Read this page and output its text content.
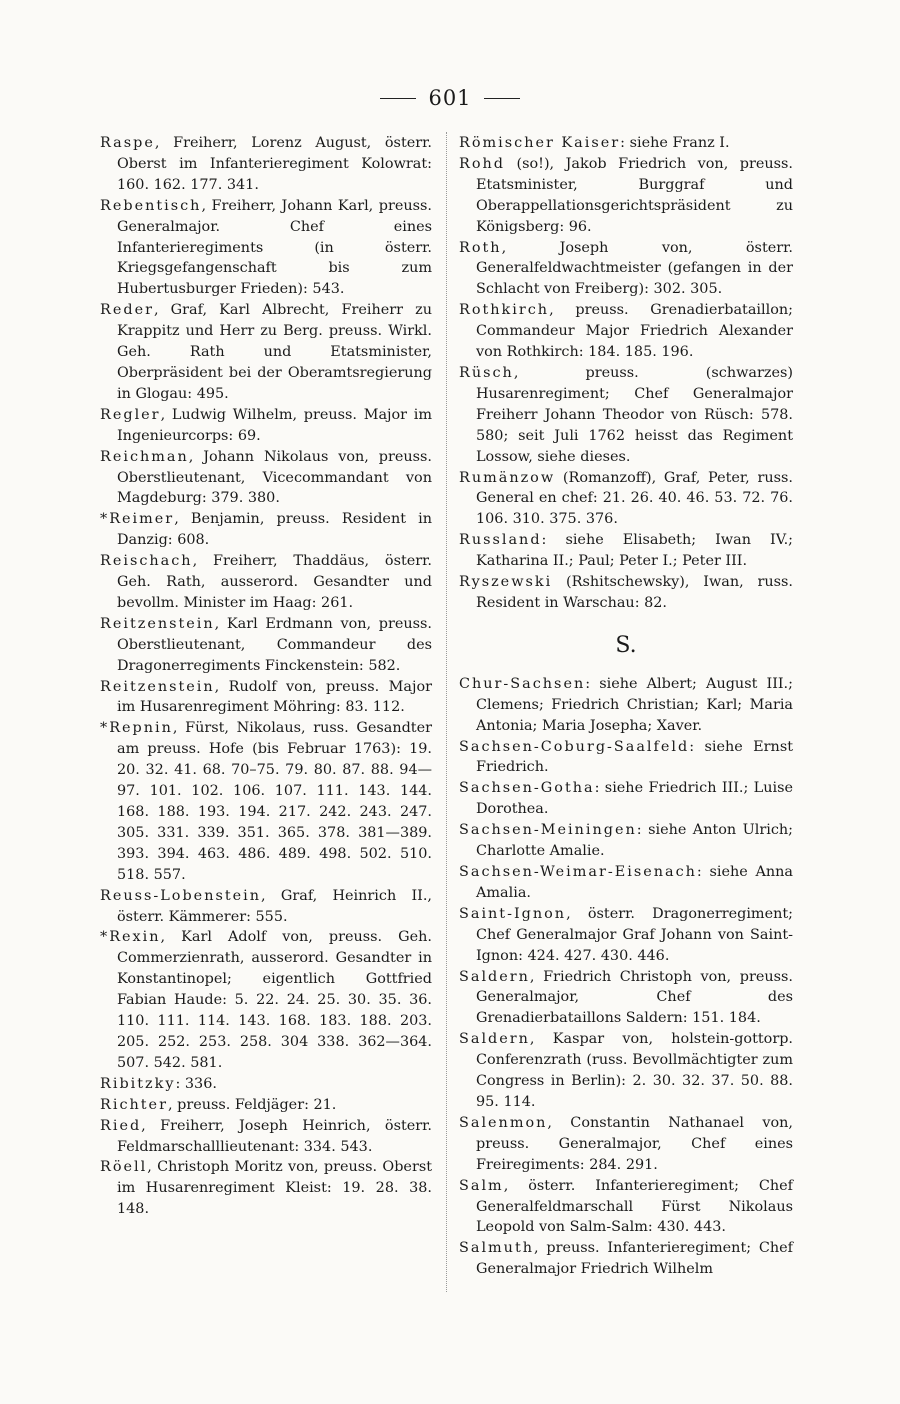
601

Raspe, Freiherr, Lorenz August, österr. Oberst im Infanterieregiment Kolowrat: 160. 162. 177. 341.

Rebentisch, Freiherr, Johann Karl, preuss. Generalmajor. Chef eines Infanterieregiments (in österr. Kriegsgefangenschaft bis zum Hubertusburger Frieden): 543.

Reder, Graf, Karl Albrecht, Freiherr zu Krappitz und Herr zu Berg. preuss. Wirkl. Geh. Rath und Etatsminister, Oberpräsident bei der Oberamtsregierung in Glogau: 495.

Regler, Ludwig Wilhelm, preuss. Major im Ingenieurcorps: 69.

Reichman, Johann Nikolaus von, preuss. Oberstlieutenant, Vicecommandant von Magdeburg: 379. 380.

*Reimer, Benjamin, preuss. Resident in Danzig: 608.

Reischach, Freiherr, Thaddäus, österr. Geh. Rath, ausserord. Gesandter und bevollm. Minister im Haag: 261.

Reitzenstein, Karl Erdmann von, preuss. Oberstlieutenant, Commandeur des Dragonerregiments Finckenstein: 582.

Reitzenstein, Rudolf von, preuss. Major im Husarenregiment Möhring: 83. 112.

*Repnin, Fürst, Nikolaus, russ. Gesandter am preuss. Hofe (bis Februar 1763): 19. 20. 32. 41. 68. 70–75. 79. 80. 87. 88. 94—97. 101. 102. 106. 107. 111. 143. 144. 168. 188. 193. 194. 217. 242. 243. 247. 305. 331. 339. 351. 365. 378. 381—389. 393. 394. 463. 486. 489. 498. 502. 510. 518. 557.

Reuss-Lobenstein, Graf, Heinrich II., österr. Kämmerer: 555.

*Rexin, Karl Adolf von, preuss. Geh. Commerzienrath, ausserord. Gesandter in Konstantinopel; eigentlich Gottfried Fabian Haude: 5. 22. 24. 25. 30. 35. 36. 110. 111. 114. 143. 168. 183. 188. 203. 205. 252. 253. 258. 304 338. 362—364. 507. 542. 581.

Ribitzky: 336.

Richter, preuss. Feldjäger: 21.

Ried, Freiherr, Joseph Heinrich, österr. Feldmarschalllieutenant: 334. 543.

Röell, Christoph Moritz von, preuss. Oberst im Husarenregiment Kleist: 19. 28. 38. 148.

Römischer Kaiser: siehe Franz I.

Rohd (so!), Jakob Friedrich von, preuss. Etatsminister, Burggraf und Oberappellationsgerichtspräsident zu Königsberg: 96.

Roth, Joseph von, österr. Generalfeldwachtmeister (gefangen in der Schlacht von Freiberg): 302. 305.

Rothkirch, preuss. Grenadierbataillon; Commandeur Major Friedrich Alexander von Rothkirch: 184. 185. 196.

Rüsch, preuss. (schwarzes) Husarenregiment; Chef Generalmajor Freiherr Johann Theodor von Rüsch: 578. 580; seit Juli 1762 heisst das Regiment Lossow, siehe dieses.

Rumänzow (Romanzoff), Graf, Peter, russ. General en chef: 21. 26. 40. 46. 53. 72. 76. 106. 310. 375. 376.

Russland: siehe Elisabeth; Iwan IV.; Katharina II.; Paul; Peter I.; Peter III.

Ryszewski (Rshitschewsky), Iwan, russ. Resident in Warschau: 82.

S.

Chur-Sachsen: siehe Albert; August III.; Clemens; Friedrich Christian; Karl; Maria Antonia; Maria Josepha; Xaver.

Sachsen-Coburg-Saalfeld: siehe Ernst Friedrich.

Sachsen-Gotha: siehe Friedrich III.; Luise Dorothea.

Sachsen-Meiningen: siehe Anton Ulrich; Charlotte Amalie.

Sachsen-Weimar-Eisenach: siehe Anna Amalia.

Saint-Ignon, österr. Dragonerregiment; Chef Generalmajor Graf Johann von Saint-Ignon: 424. 427. 430. 446.

Saldern, Friedrich Christoph von, preuss. Generalmajor, Chef des Grenadierbataillons Saldern: 151. 184.

Saldern, Kaspar von, holstein-gottorp. Conferenzrath (russ. Bevollmächtigter zum Congress in Berlin): 2. 30. 32. 37. 50. 88. 95. 114.

Salenmon, Constantin Nathanael von, preuss. Generalmajor, Chef eines Freiregiments: 284. 291.

Salm, österr. Infanterieregiment; Chef Generalfeldmarschall Fürst Nikolaus Leopold von Salm-Salm: 430. 443.

Salmuth, preuss. Infanterieregiment; Chef Generalmajor Friedrich Wilhelm
